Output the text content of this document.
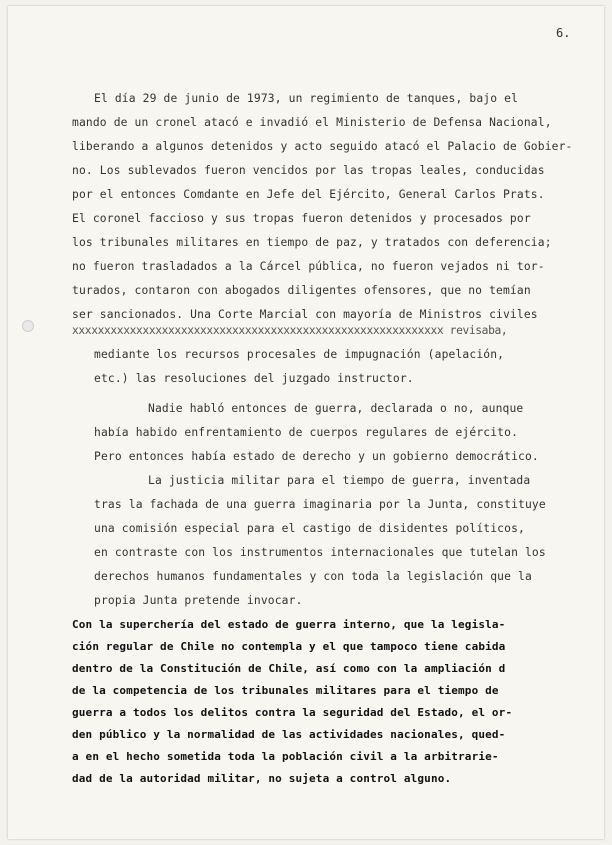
6.
El día 29 de junio de 1973, un regimiento de tanques, bajo el
mando de un cronel atacó e invadió el Ministerio de Defensa Nacional,
liberando a algunos detenidos y acto seguido atacó el Palacio de Gobier-
no. Los sublevados fueron vencidos por las tropas leales, conducidas
por el entonces Comdante en Jefe del Ejército, General Carlos Prats.
El coronel faccioso y sus tropas fueron detenidos y procesados por
los tribunales militares en tiempo de paz, y tratados con deferencia;
no fueron trasladados a la Cárcel pública, no fueron vejados ni tor-
turados, contaron con abogados diligentes ofensores, que no temían
ser sancionados. Una Corte Marcial con mayoría de Ministros civiles
xxxxxxxxxxxxxxxxxxxxxxxxxxxxxxxxxxxxxxxxxxxxxxxxxxxxxxxxxx revisaba,
mediante los recursos procesales de impugnación (apelación,
etc.) las resoluciones del juzgado instructor.
Nadie habló entonces de guerra, declarada o no, aunque
había habido enfrentamiento de cuerpos regulares de ejército.
Pero entonces había estado de derecho y un gobierno democrático.
La justicia militar para el tiempo de guerra, inventada
tras la fachada de una guerra imaginaria por la Junta, constituye
una comisión especial para el castigo de disidentes políticos,
en contraste con los instrumentos internacionales que tutelan los
derechos humanos fundamentales y con toda la legislación que la
propia Junta pretende invocar.
Con la superchería del estado de guerra interno, que la legisla-
ción regular de Chile no contempla y el que tampoco tiene cabida
dentro de la Constitución de Chile, así como con la ampliación d
de la competencia de los tribunales militares para el tiempo de
guerra a todos los delitos contra la seguridad del Estado, el or-
den público y la normalidad de las actividades nacionales, qued-
a en el hecho sometida toda la población civil a la arbitrarie-
dad de la autoridad militar, no sujeta a control alguno.
